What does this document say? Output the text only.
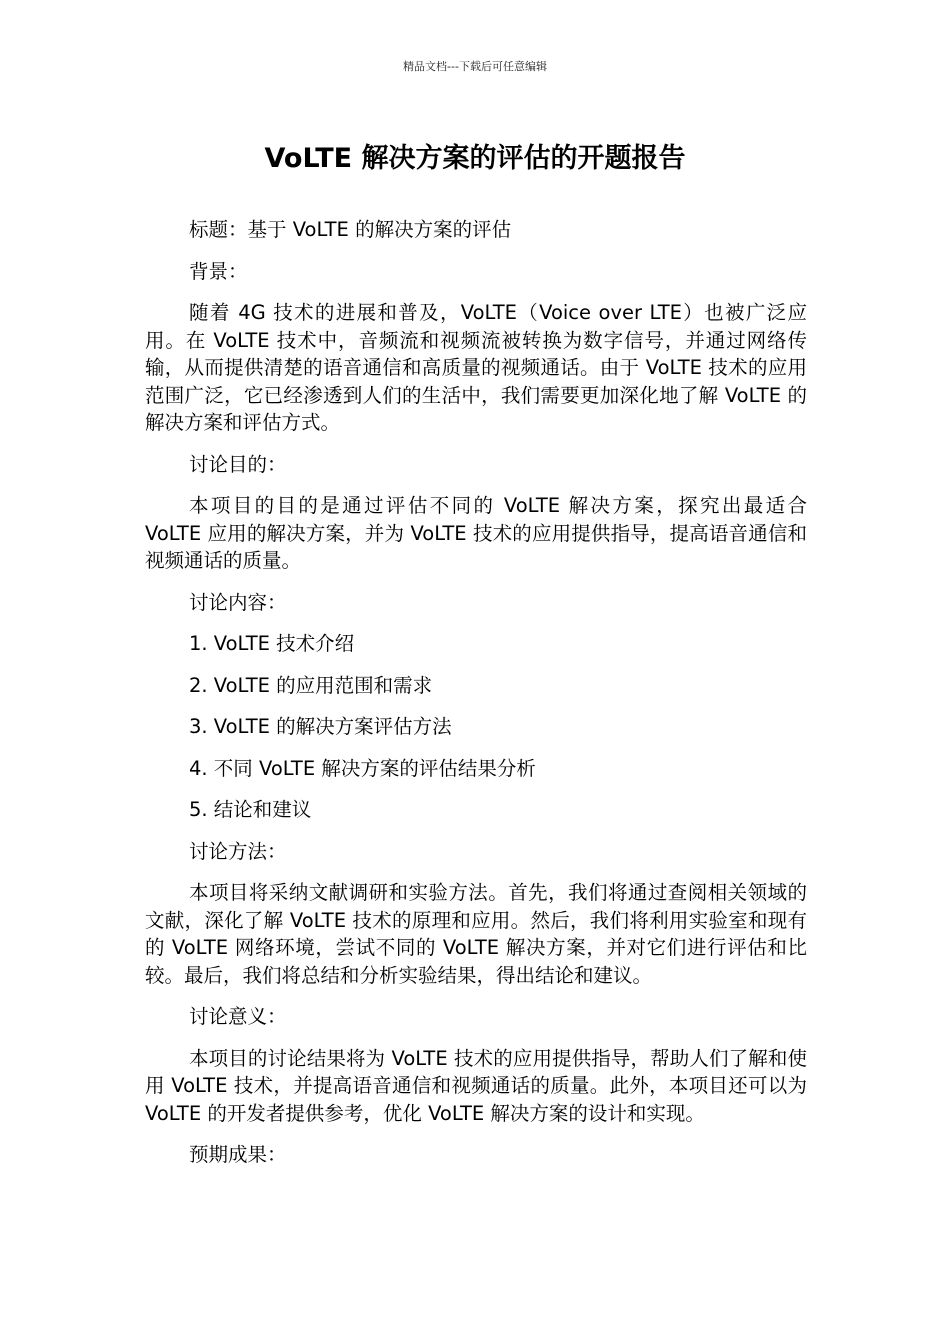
精品文档---下载后可任意编辑
VoLTE 解决方案的评估的开题报告

标题：基于 VoLTE 的解决方案的评估

背景：

随着 4G 技术的进展和普及，VoLTE（Voice over LTE）也被广泛应用。在 VoLTE 技术中，音频流和视频流被转换为数字信号，并通过网络传输，从而提供清楚的语音通信和高质量的视频通话。由于 VoLTE 技术的应用范围广泛，它已经渗透到人们的生活中，我们需要更加深化地了解 VoLTE 的解决方案和评估方式。

讨论目的：

本项目的目的是通过评估不同的 VoLTE 解决方案，探究出最适合 VoLTE 应用的解决方案，并为 VoLTE 技术的应用提供指导，提高语音通信和视频通话的质量。

讨论内容：

1. VoLTE 技术介绍

2. VoLTE 的应用范围和需求

3. VoLTE 的解决方案评估方法

4. 不同 VoLTE 解决方案的评估结果分析

5. 结论和建议

讨论方法：

本项目将采纳文献调研和实验方法。首先，我们将通过查阅相关领域的文献，深化了解 VoLTE 技术的原理和应用。然后，我们将利用实验室和现有的 VoLTE 网络环境，尝试不同的 VoLTE 解决方案，并对它们进行评估和比较。最后，我们将总结和分析实验结果，得出结论和建议。

讨论意义：

本项目的讨论结果将为 VoLTE 技术的应用提供指导，帮助人们了解和使用 VoLTE 技术，并提高语音通信和视频通话的质量。此外，本项目还可以为 VoLTE 的开发者提供参考，优化 VoLTE 解决方案的设计和实现。

预期成果：
